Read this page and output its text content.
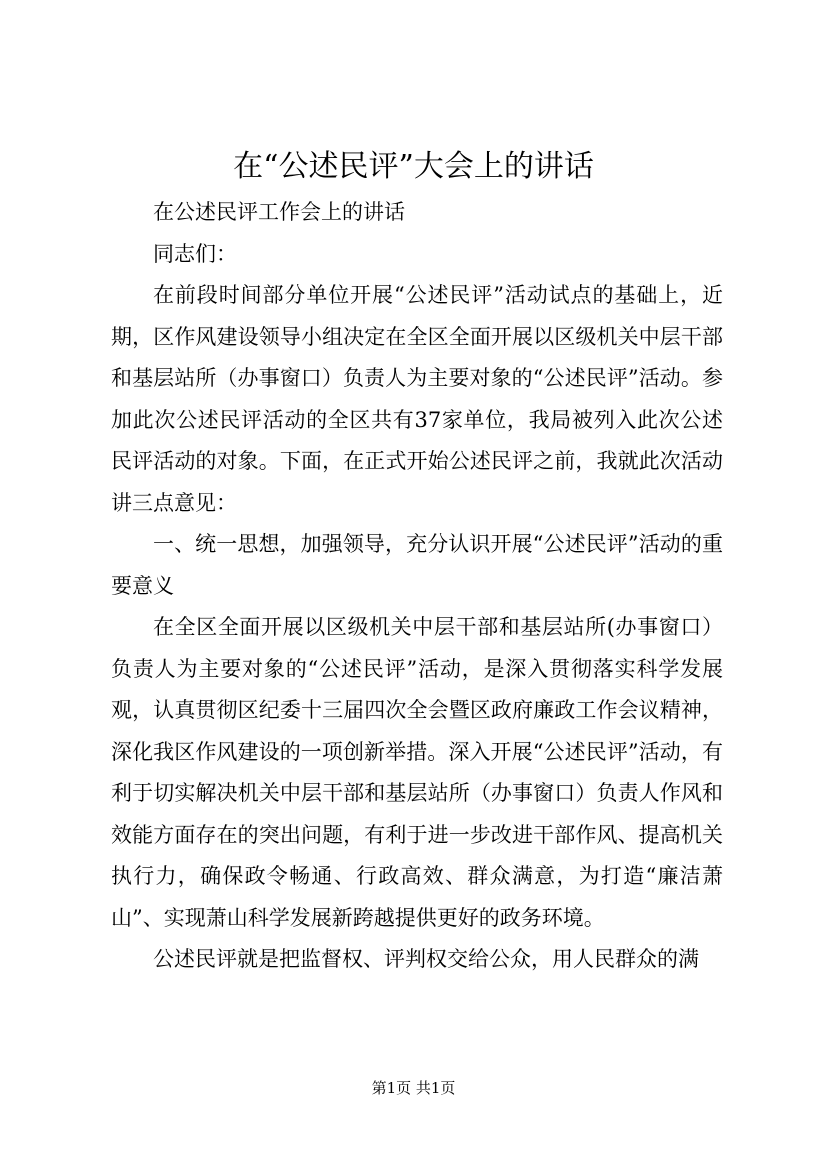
在“公述民评”大会上的讲话

在公述民评工作会上的讲话

同志们：

在前段时间部分单位开展“公述民评”活动试点的基础上，近期，区作风建设领导小组决定在全区全面开展以区级机关中层干部和基层站所（办事窗口）负责人为主要对象的“公述民评”活动。参加此次公述民评活动的全区共有37家单位，我局被列入此次公述民评活动的对象。下面，在正式开始公述民评之前，我就此次活动讲三点意见：

一、统一思想，加强领导，充分认识开展“公述民评”活动的重要意义

在全区全面开展以区级机关中层干部和基层站所(办事窗口）负责人为主要对象的“公述民评”活动，是深入贯彻落实科学发展观，认真贯彻区纪委十三届四次全会暨区政府廉政工作会议精神，深化我区作风建设的一项创新举措。深入开展“公述民评”活动，有利于切实解决机关中层干部和基层站所（办事窗口）负责人作风和效能方面存在的突出问题，有利于进一步改进干部作风、提高机关执行力，确保政令畅通、行政高效、群众满意，为打造“廉洁萧山”、实现萧山科学发展新跨越提供更好的政务环境。

公述民评就是把监督权、评判权交给公众，用人民群众的满

第1页 共1页
